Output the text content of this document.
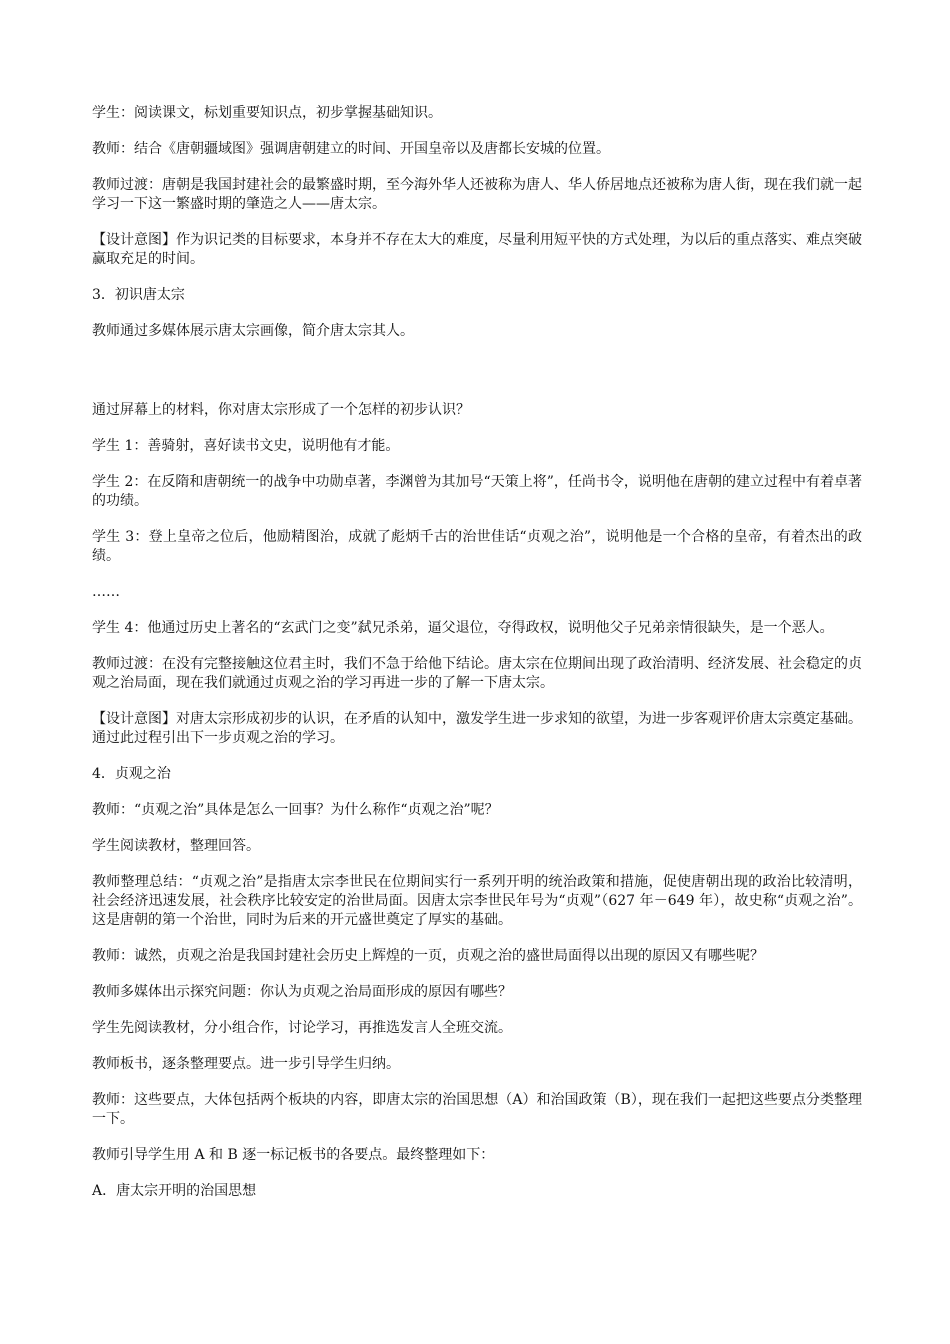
学生：阅读课文，标划重要知识点，初步掌握基础知识。

教师：结合《唐朝疆域图》强调唐朝建立的时间、开国皇帝以及唐都长安城的位置。

教师过渡：唐朝是我国封建社会的最繁盛时期，至今海外华人还被称为唐人、华人侨居地点还被称为唐人街，现在我们就一起学习一下这一繁盛时期的肇造之人——唐太宗。

【设计意图】作为识记类的目标要求，本身并不存在太大的难度，尽量利用短平快的方式处理，为以后的重点落实、难点突破赢取充足的时间。

3．初识唐太宗

教师通过多媒体展示唐太宗画像，简介唐太宗其人。

通过屏幕上的材料，你对唐太宗形成了一个怎样的初步认识？

学生 1：善骑射，喜好读书文史，说明他有才能。

学生 2：在反隋和唐朝统一的战争中功勋卓著，李渊曾为其加号“天策上将”，任尚书令，说明他在唐朝的建立过程中有着卓著的功绩。

学生 3：登上皇帝之位后，他励精图治，成就了彪炳千古的治世佳话“贞观之治”，说明他是一个合格的皇帝，有着杰出的政绩。

……

学生 4：他通过历史上著名的“玄武门之变”弑兄杀弟，逼父退位，夺得政权，说明他父子兄弟亲情很缺失，是一个恶人。

教师过渡：在没有完整接触这位君主时，我们不急于给他下结论。唐太宗在位期间出现了政治清明、经济发展、社会稳定的贞观之治局面，现在我们就通过贞观之治的学习再进一步的了解一下唐太宗。

【设计意图】对唐太宗形成初步的认识，在矛盾的认知中，激发学生进一步求知的欲望，为进一步客观评价唐太宗奠定基础。通过此过程引出下一步贞观之治的学习。

4．贞观之治

教师：“贞观之治”具体是怎么一回事？为什么称作“贞观之治”呢？

学生阅读教材，整理回答。

教师整理总结：“贞观之治”是指唐太宗李世民在位期间实行一系列开明的统治政策和措施，促使唐朝出现的政治比较清明，社会经济迅速发展，社会秩序比较安定的治世局面。因唐太宗李世民年号为“贞观”（627 年－649 年），故史称“贞观之治”。这是唐朝的第一个治世，同时为后来的开元盛世奠定了厚实的基础。

教师：诚然，贞观之治是我国封建社会历史上辉煌的一页，贞观之治的盛世局面得以出现的原因又有哪些呢？

教师多媒体出示探究问题：你认为贞观之治局面形成的原因有哪些？

学生先阅读教材，分小组合作，讨论学习，再推选发言人全班交流。

教师板书，逐条整理要点。进一步引导学生归纳。

教师：这些要点，大体包括两个板块的内容，即唐太宗的治国思想（A）和治国政策（B），现在我们一起把这些要点分类整理一下。

教师引导学生用 A 和 B 逐一标记板书的各要点。最终整理如下：

A．唐太宗开明的治国思想
